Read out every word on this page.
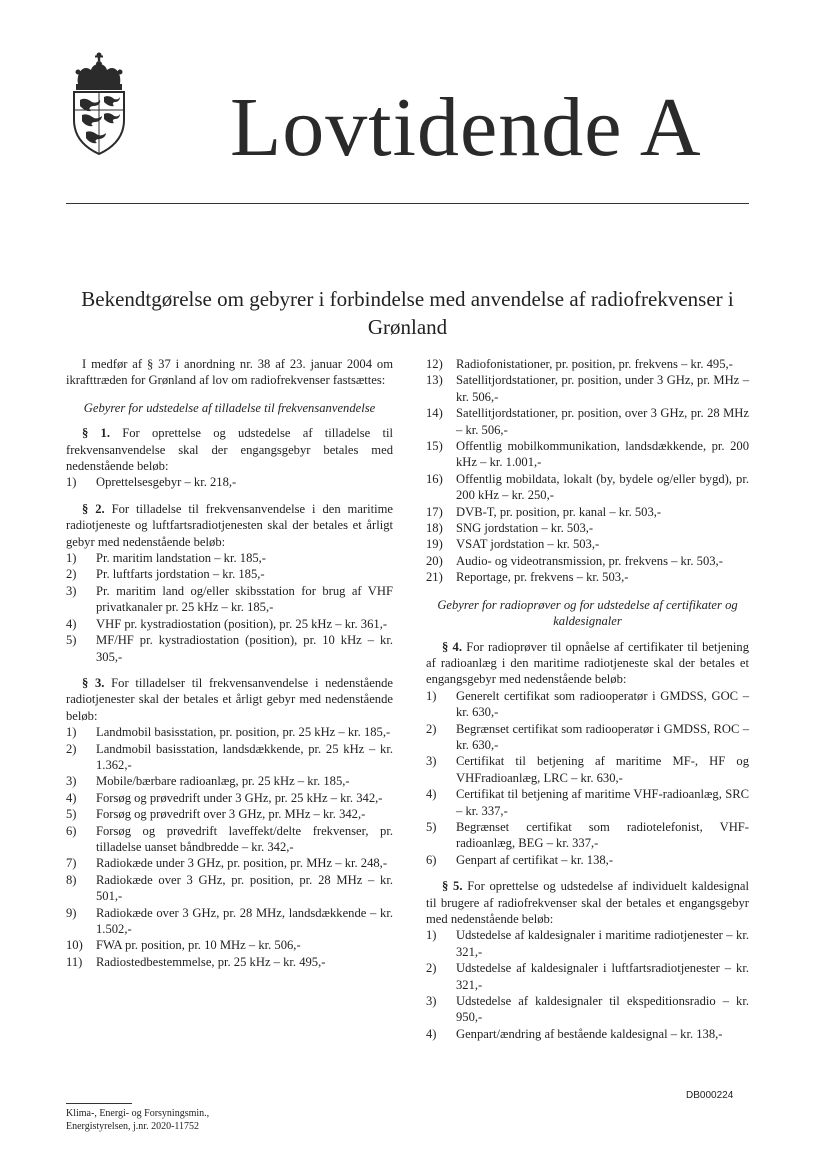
Lovtidende A
Bekendtgørelse om gebyrer i forbindelse med anvendelse af radiofrekvenser i Grønland

I medfør af § 37 i anordning nr. 38 af 23. januar 2004 om ikrafttræden for Grønland af lov om radiofrekvenser fastsættes:

Gebyrer for udstedelse af tilladelse til frekvensanvendelse

§ 1. For oprettelse og udstedelse af tilladelse til frekvensanvendelse skal der engangsgebyr betales med nedenstående beløb:

1) Oprettelsesgebyr – kr. 218,-

§ 2. For tilladelse til frekvensanvendelse i den maritime radiotjeneste og luftfartsradiotjenesten skal der betales et årligt gebyr med nedenstående beløb:

1) Pr. maritim landstation – kr. 185,-
2) Pr. luftfarts jordstation – kr. 185,-
3) Pr. maritim land og/eller skibsstation for brug af VHF privatkanaler pr. 25 kHz – kr. 185,-
4) VHF pr. kystradiostation (position), pr. 25 kHz – kr. 361,-
5) MF/HF pr. kystradiostation (position), pr. 10 kHz – kr. 305,-

§ 3. For tilladelser til frekvensanvendelse i nedenstående radiotjenester skal der betales et årligt gebyr med nedenstående beløb:

1) Landmobil basisstation, pr. position, pr. 25 kHz – kr. 185,-
2) Landmobil basisstation, landsdækkende, pr. 25 kHz – kr. 1.362,-
3) Mobile/bærbare radioanlæg, pr. 25 kHz – kr. 185,-
4) Forsøg og prøvedrift under 3 GHz, pr. 25 kHz – kr. 342,-
5) Forsøg og prøvedrift over 3 GHz, pr. MHz – kr. 342,-
6) Forsøg og prøvedrift laveffekt/delte frekvenser, pr. tilladelse uanset båndbredde – kr. 342,-
7) Radiokæde under 3 GHz, pr. position, pr. MHz – kr. 248,-
8) Radiokæde over 3 GHz, pr. position, pr. 28 MHz – kr. 501,-
9) Radiokæde over 3 GHz, pr. 28 MHz, landsdækkende – kr. 1.502,-
10) FWA pr. position, pr. 10 MHz – kr. 506,-
11) Radiostedbestemmelse, pr. 25 kHz – kr. 495,-
12) Radiofonistationer, pr. position, pr. frekvens – kr. 495,-
13) Satellitjordstationer, pr. position, under 3 GHz, pr. MHz – kr. 506,-
14) Satellitjordstationer, pr. position, over 3 GHz, pr. 28 MHz – kr. 506,-
15) Offentlig mobilkommunikation, landsdækkende, pr. 200 kHz – kr. 1.001,-
16) Offentlig mobildata, lokalt (by, bydele og/eller bygd), pr. 200 kHz – kr. 250,-
17) DVB-T, pr. position, pr. kanal – kr. 503,-
18) SNG jordstation – kr. 503,-
19) VSAT jordstation – kr. 503,-
20) Audio- og videotransmission, pr. frekvens – kr. 503,-
21) Reportage, pr. frekvens – kr. 503,-

Gebyrer for radioprøver og for udstedelse af certifikater og kaldesignaler

§ 4. For radioprøver til opnåelse af certifikater til betjening af radioanlæg i den maritime radiotjeneste skal der betales et engangsgebyr med nedenstående beløb:

1) Generelt certifikat som radiooperatør i GMDSS, GOC – kr. 630,-
2) Begrænset certifikat som radiooperatør i GMDSS, ROC – kr. 630,-
3) Certifikat til betjening af maritime MF-, HF og VHFradioanlæg, LRC – kr. 630,-
4) Certifikat til betjening af maritime VHF-radioanlæg, SRC – kr. 337,-
5) Begrænset certifikat som radiotelefonist, VHF-radioanlæg, BEG – kr. 337,-
6) Genpart af certifikat – kr. 138,-

§ 5. For oprettelse og udstedelse af individuelt kaldesignal til brugere af radiofrekvenser skal der betales et engangsgebyr med nedenstående beløb:

1) Udstedelse af kaldesignaler i maritime radiotjenester – kr. 321,-
2) Udstedelse af kaldesignaler i luftfartsradiotjenester – kr. 321,-
3) Udstedelse af kaldesignaler til ekspeditionsradio – kr. 950,-
4) Genpart/ændring af bestående kaldesignal – kr. 138,-
DB000224
Klima-, Energi- og Forsyningsmin.,
Energistyrelsen, j.nr. 2020-11752
